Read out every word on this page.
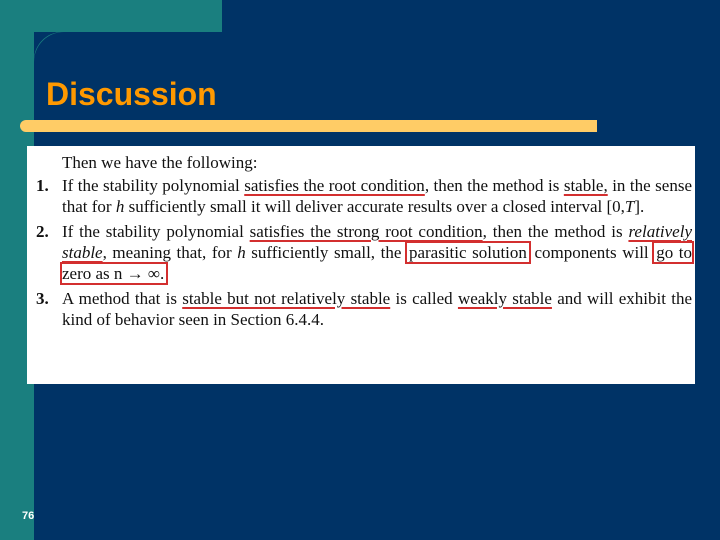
Discussion
Then we have the following:
1. If the stability polynomial satisfies the root condition, then the method is stable, in the sense that for h sufficiently small it will deliver accurate results over a closed interval [0,T].
2. If the stability polynomial satisfies the strong root condition, then the method is relatively stable, meaning that, for h sufficiently small, the parasitic solution components will go to zero as n → ∞.
3. A method that is stable but not relatively stable is called weakly stable and will exhibit the kind of behavior seen in Section 6.4.4.
76
